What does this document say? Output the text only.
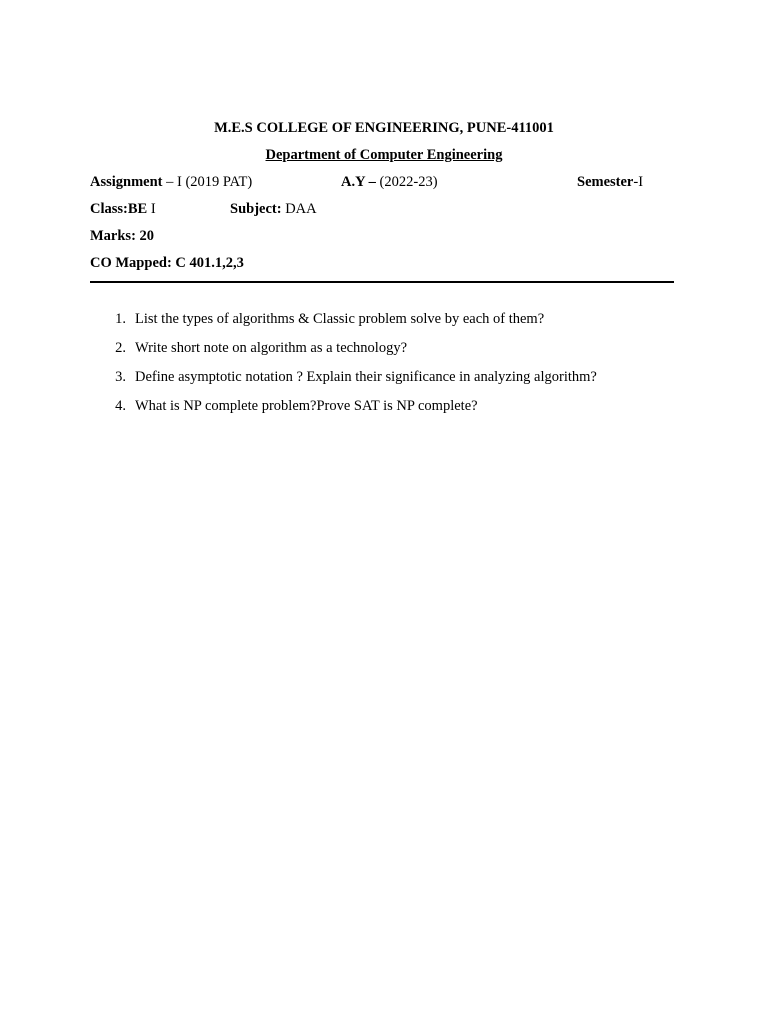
M.E.S COLLEGE OF ENGINEERING, PUNE-411001
Department of Computer Engineering
Assignment – I (2019 PAT)	A.Y – (2022-23)	Semester-I
Class:BE I	Subject: DAA
Marks: 20
CO Mapped: C 401.1,2,3
1. List the types of algorithms & Classic problem solve by each of them?
2. Write short note on algorithm as a technology?
3. Define asymptotic notation ? Explain their significance in analyzing algorithm?
4. What is NP complete problem?Prove SAT is NP complete?
